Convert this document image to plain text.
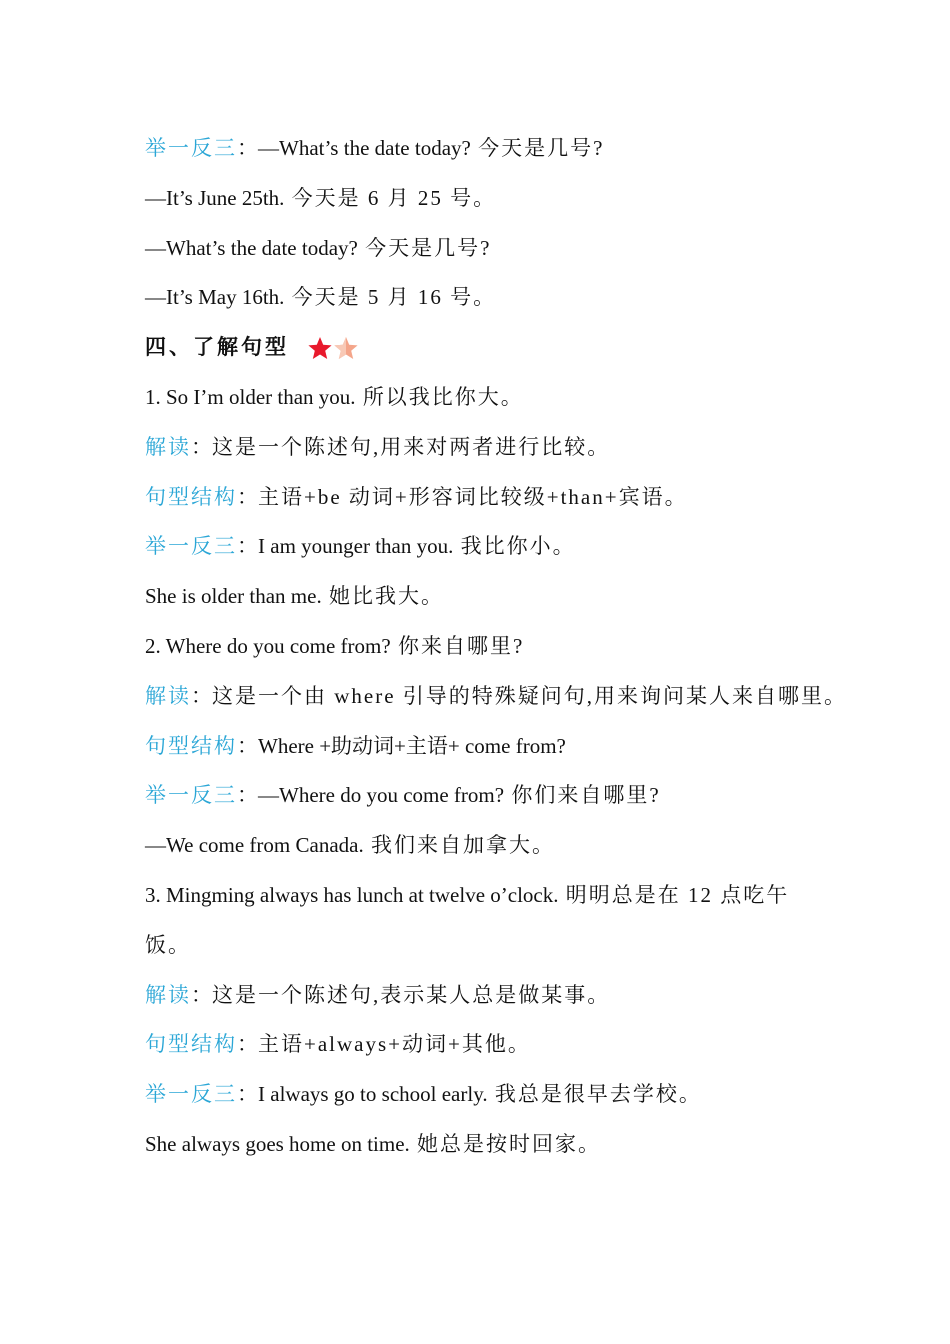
举一反三：—What’s the date today? 今天是几号?
—It’s June 25th. 今天是 6 月 25 号。
—What’s the date today? 今天是几号?
—It’s May 16th. 今天是 5 月 16 号。
四、了解句型
1. So I’m older than you. 所以我比你大。
解读：这是一个陈述句,用来对两者进行比较。
句型结构：主语+be 动词+形容词比较级+than+宾语。
举一反三：I am younger than you. 我比你小。
She is older than me. 她比我大。
2. Where do you come from? 你来自哪里?
解读：这是一个由 where 引导的特殊疑问句,用来询问某人来自哪里。
句型结构：Where +助动词+主语+ come from?
举一反三：—Where do you come from? 你们来自哪里?
—We come from Canada. 我们来自加拿大。
3. Mingming always has lunch at twelve o’clock. 明明总是在 12 点吃午
饭。
解读：这是一个陈述句,表示某人总是做某事。
句型结构：主语+always+动词+其他。
举一反三：I always go to school early. 我总是很早去学校。
She always goes home on time. 她总是按时回家。
